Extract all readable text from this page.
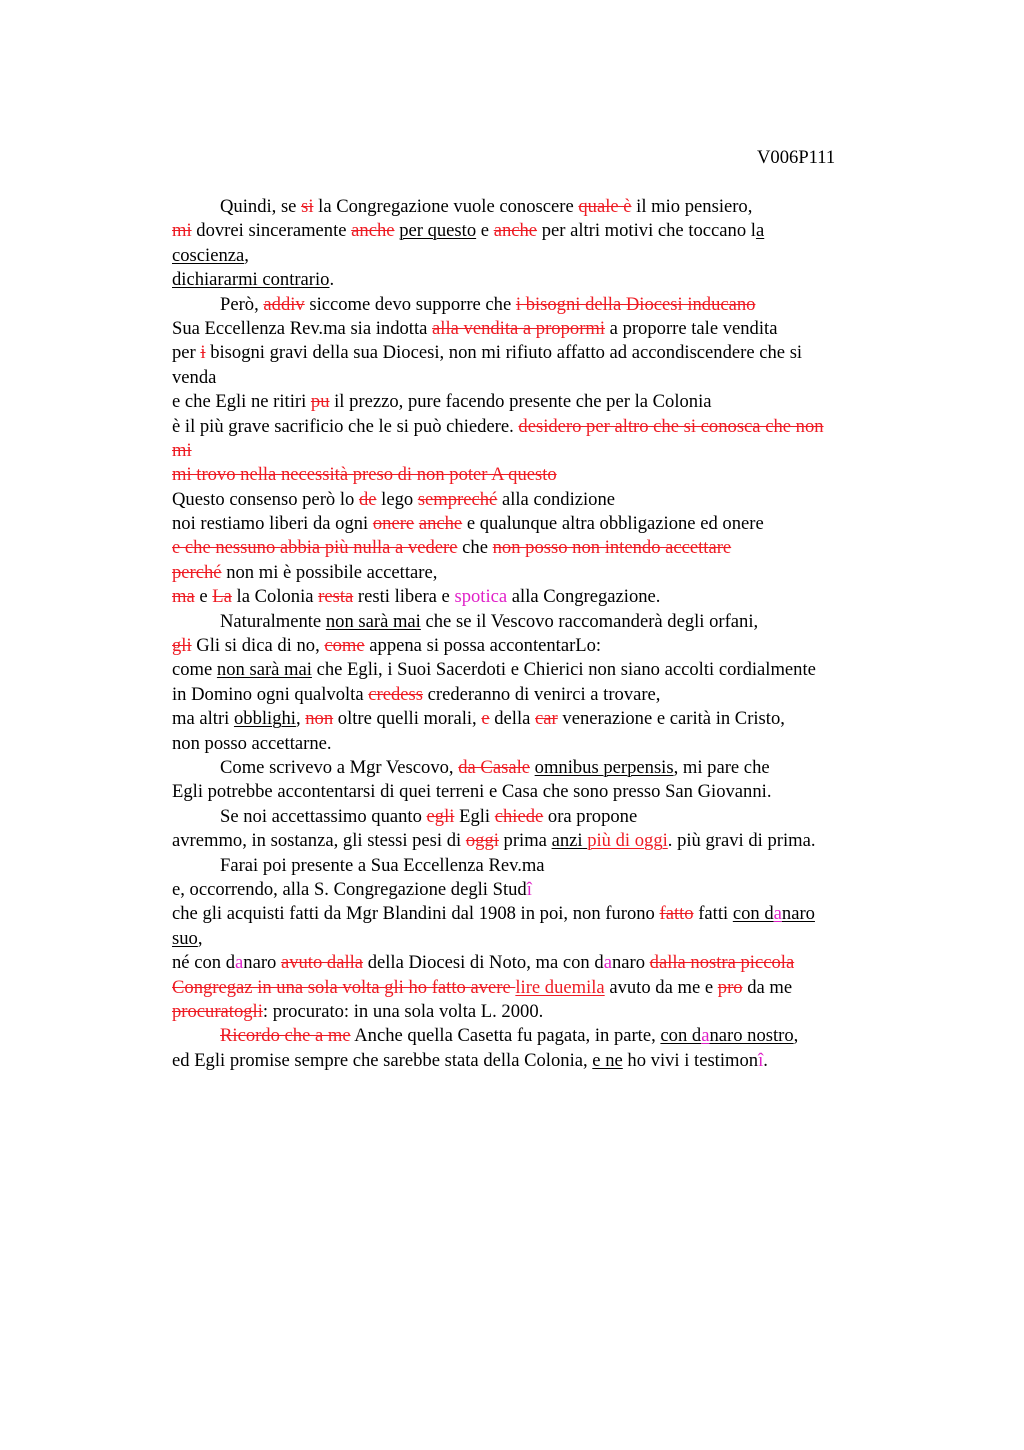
V006P111
Quindi, se si la Congregazione vuole conoscere quale è il mio pensiero,
mi dovrei sinceramente anche per questo e anche per altri motivi che toccano la
coscienza,
dichiararmi contrario.
Però, addiv siccome devo supporre che i bisogni della Diocesi inducano
Sua Eccellenza Rev.ma sia indotta alla vendita a propormi a proporre tale vendita
per i bisogni gravi della sua Diocesi, non mi rifiuto affatto ad accondiscendere che si
venda
e che Egli ne ritiri pu il prezzo, pure facendo presente che per la Colonia
è il più grave sacrificio che le si può chiedere. desidero per altro che si conosca che non
mi
mi trovo nella necessità preso di non poter A questo
Questo consenso però lo de lego sempreché alla condizione
noi restiamo liberi da ogni onere anche e qualunque altra obbligazione ed onere
e che nessuno abbia più nulla a vedere che non posso non intendo accettare
perché non mi è possibile accettare,
ma e La la Colonia resta resti libera e spotica alla Congregazione.
Naturalmente non sarà mai che se il Vescovo raccomanderà degli orfani,
gli Gli si dica di no, come appena si possa accontentarLo:
come non sarà mai che Egli, i Suoi Sacerdoti e Chierici non siano accolti cordialmente
in Domino ogni qualvolta credess crederanno di venirci a trovare,
ma altri obblighi, non oltre quelli morali, e della car venerazione e carità in Cristo,
non posso accettarne.
Come scrivevo a Mgr Vescovo, da Casale omnibus perpensis, mi pare che
Egli potrebbe accontentarsi di quei terreni e Casa che sono presso San Giovanni.
Se noi accettassimo quanto egli Egli chiede ora propone
avremmo, in sostanza, gli stessi pesi di oggi prima anzi più di oggi. più gravi di prima.
Farai poi presente a Sua Eccellenza Rev.ma
e, occorrendo, alla S. Congregazione degli Studî
che gli acquisti fatti da Mgr Blandini dal 1908 in poi, non furono fatto fatti con danaro
suo,
né con danaro avuto dalla della Diocesi di Noto, ma con danaro dalla nostra piccola
Congregaz in una sola volta gli ho fatto avere lire duemila avuto da me e pro da me
procuratogli: procurato: in una sola volta L. 2000.
Ricordo che a me Anche quella Casetta fu pagata, in parte, con danaro nostro,
ed Egli promise sempre che sarebbe stata della Colonia, e ne ho vivi i testimonî.
